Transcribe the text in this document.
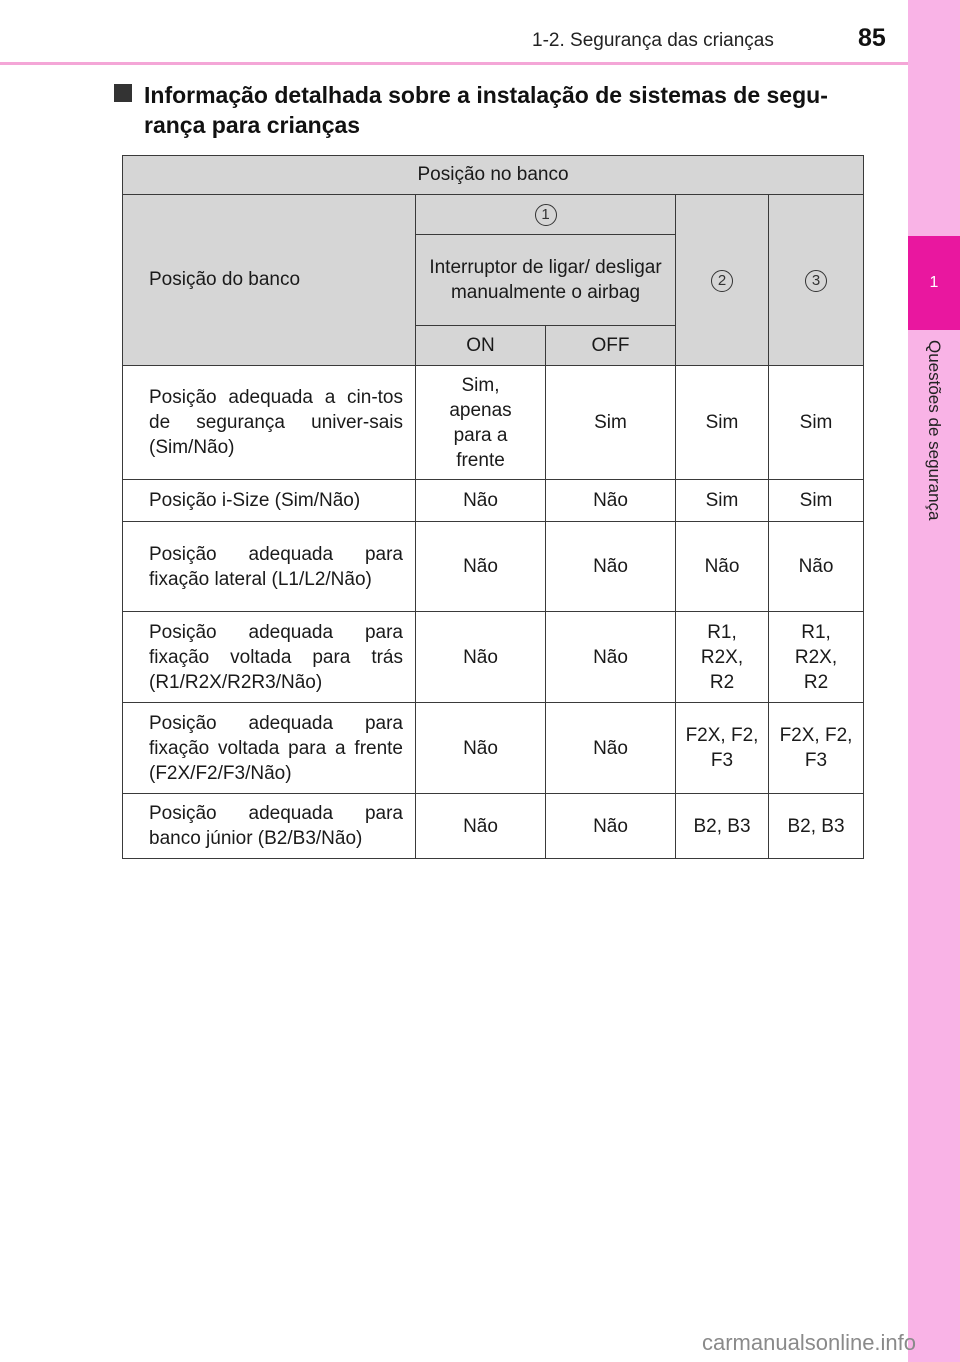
1
Questões de segurança
1-2. Segurança das crianças	85
Informação detalhada sobre a instalação de sistemas de segu-rança para crianças
Posição no banco				
Posição do banco	1		2	3
	Interruptor de ligar/ desligar manualmente o airbag			
	ON	OFF		
Posição adequada a cin-tos de segurança univer-sais (Sim/Não)	Sim, apenas para a frente	Sim	Sim	Sim
Posição i-Size (Sim/Não)	Não	Não	Sim	Sim
Posição adequada para fixação lateral (L1/L2/Não)	Não	Não	Não	Não
Posição adequada para fixação voltada para trás (R1/R2X/R2R3/Não)	Não	Não	R1, R2X, R2	R1, R2X, R2
Posição adequada para fixação voltada para a frente (F2X/F2/F3/Não)	Não	Não	F2X, F2, F3	F2X, F2, F3
Posição adequada para banco júnior (B2/B3/Não)	Não	Não	B2, B3	B2, B3
carmanualsonline.info
